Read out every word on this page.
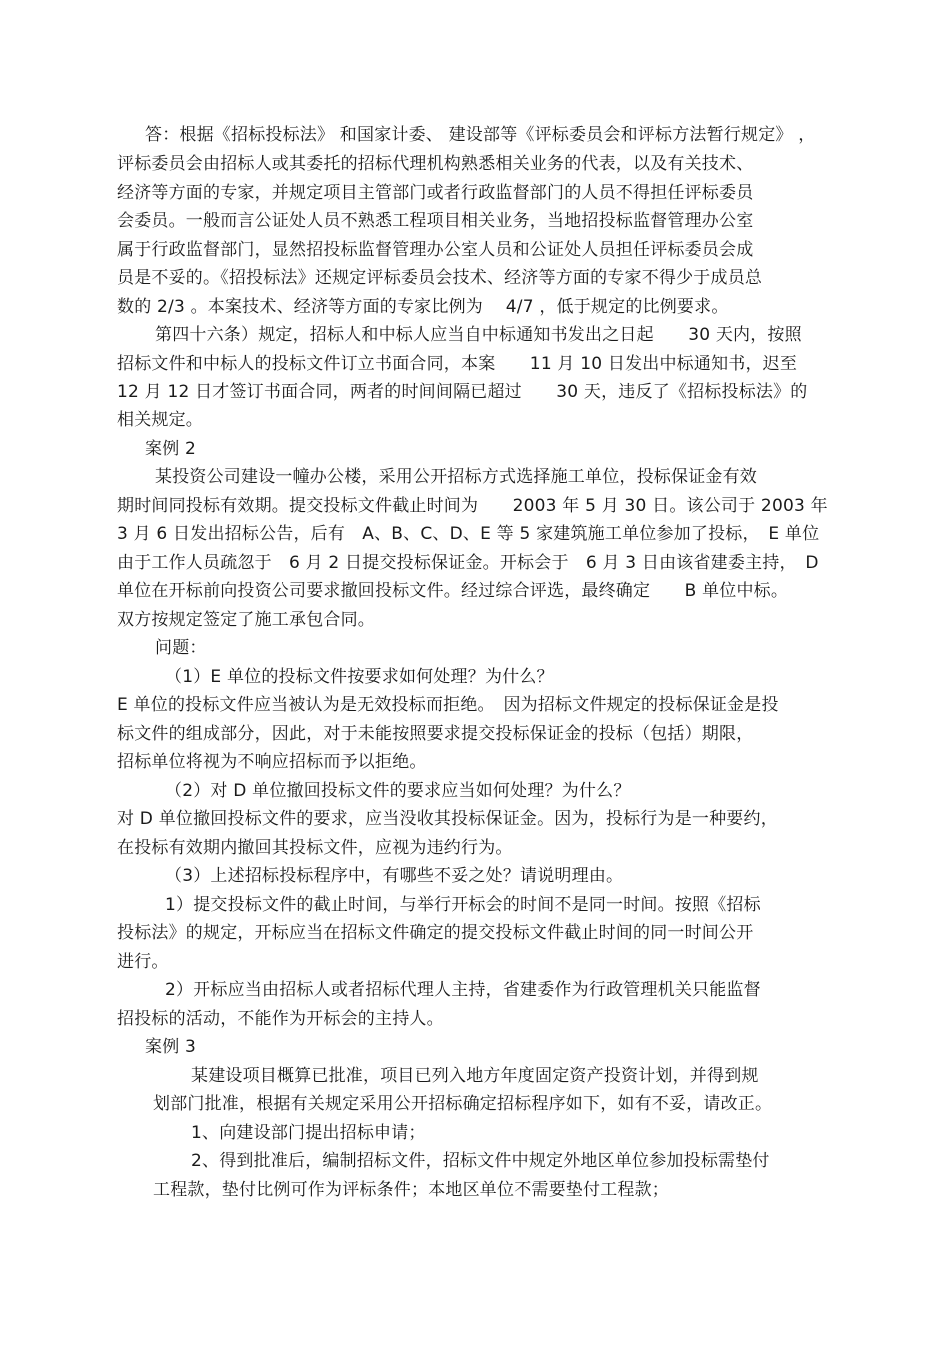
答：根据《招标投标法》 和国家计委、 建设部等《评标委员会和评标方法暂行规定》 ，
评标委员会由招标人或其委托的招标代理机构熟悉相关业务的代表，以及有关技术、
经济等方面的专家，并规定项目主管部门或者行政监督部门的人员不得担任评标委员
会委员。一般而言公证处人员不熟悉工程项目相关业务，当地招投标监督管理办公室
属于行政监督部门，显然招投标监督管理办公室人员和公证处人员担任评标委员会成
员是不妥的。《招投标法》还规定评标委员会技术、经济等方面的专家不得少于成员总
数的 2/3 。本案技术、经济等方面的专家比例为　 4/7 ，低于规定的比例要求。
第四十六条）规定，招标人和中标人应当自中标通知书发出之日起　　30 天内，按照
招标文件和中标人的投标文件订立书面合同，本案　　11 月 10 日发出中标通知书，迟至
12 月 12 日才签订书面合同，两者的时间间隔已超过　　30 天，违反了《招标投标法》的
相关规定。
案例 2
某投资公司建设一幢办公楼，采用公开招标方式选择施工单位，投标保证金有效
期时间同投标有效期。提交投标文件截止时间为　　2003 年 5 月 30 日。该公司于 2003 年
3 月 6 日发出招标公告，后有　A、B、C、D、E 等 5 家建筑施工单位参加了投标，　E 单位
由于工作人员疏忽于　6 月 2 日提交投标保证金。开标会于　6 月 3 日由该省建委主持，　D
单位在开标前向投资公司要求撤回投标文件。经过综合评选，最终确定　　B 单位中标。
双方按规定签定了施工承包合同。
问题：
（1）E 单位的投标文件按要求如何处理？为什么？
E 单位的投标文件应当被认为是无效投标而拒绝。　因为招标文件规定的投标保证金是投
标文件的组成部分，因此，对于未能按照要求提交投标保证金的投标（包括）期限，
招标单位将视为不响应招标而予以拒绝。
（2）对 D 单位撤回投标文件的要求应当如何处理？为什么？
对 D 单位撤回投标文件的要求，应当没收其投标保证金。因为，投标行为是一种要约，
在投标有效期内撤回其投标文件，应视为违约行为。
（3）上述招标投标程序中，有哪些不妥之处？请说明理由。
1）提交投标文件的截止时间，与举行开标会的时间不是同一时间。按照《招标
投标法》的规定，开标应当在招标文件确定的提交投标文件截止时间的同一时间公开
进行。
2）开标应当由招标人或者招标代理人主持，省建委作为行政管理机关只能监督
招投标的活动，不能作为开标会的主持人。
案例 3
某建设项目概算已批准，项目已列入地方年度固定资产投资计划，并得到规
划部门批准，根据有关规定采用公开招标确定招标程序如下，如有不妥，请改正。
1、向建设部门提出招标申请；
2、得到批准后，编制招标文件，招标文件中规定外地区单位参加投标需垫付
工程款，垫付比例可作为评标条件；本地区单位不需要垫付工程款；
